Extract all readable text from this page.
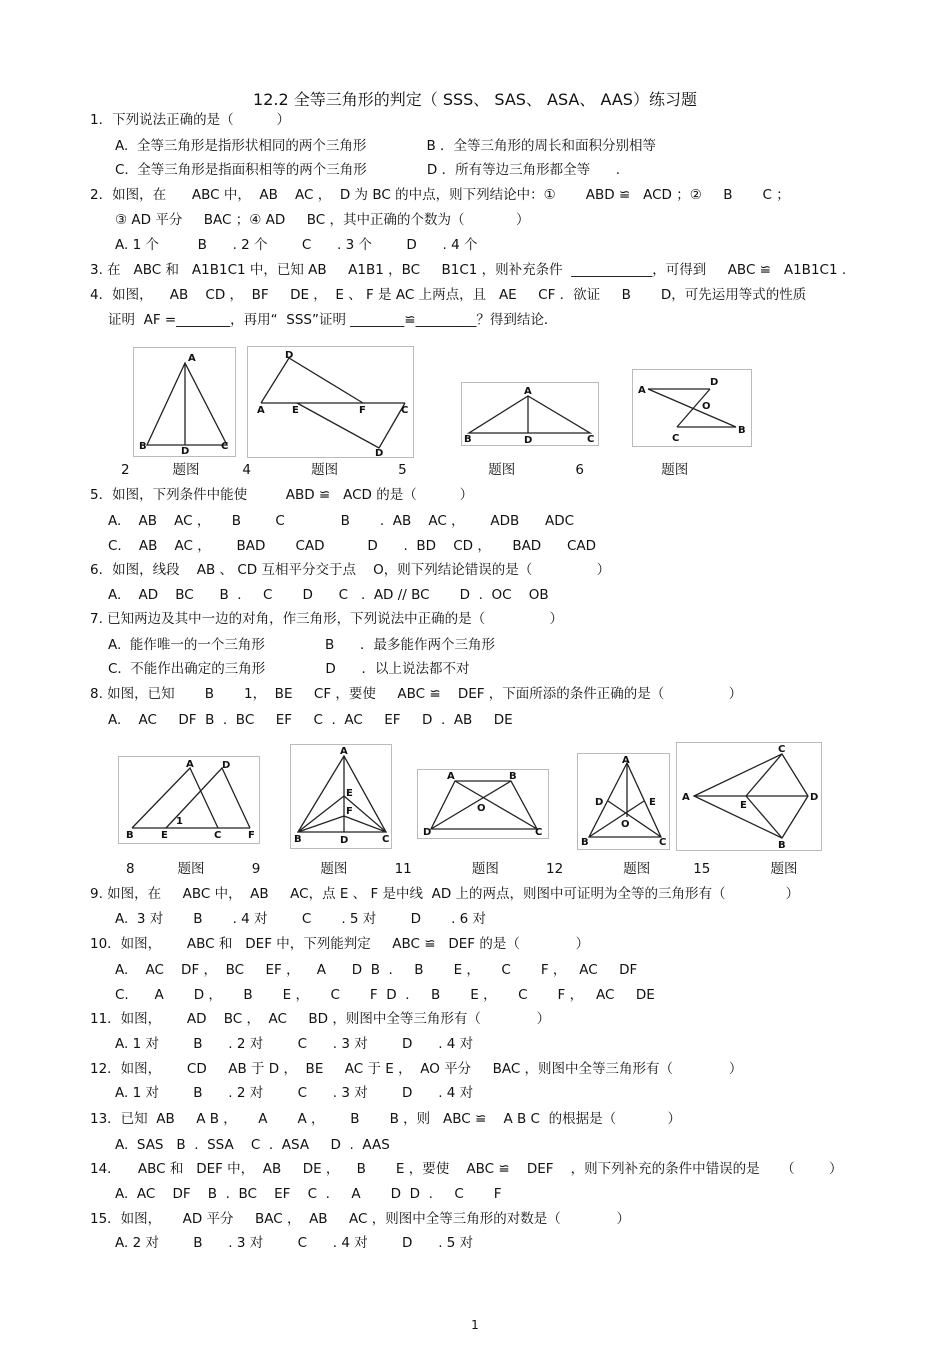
12.2 全等三角形的判定（ SSS、 SAS、 ASA、 AAS）练习题
1．下列说法正确的是（          ）
A.  全等三角形是指形状相同的两个三角形              B ．全等三角形的周长和面积分别相等
C.  全等三角形是指面积相等的两个三角形              D ．所有等边三角形都全等      .
2．如图，在      ABC 中，  AB    AC ，  D 为 BC 的中点，则下列结论中：①       ABD ≌   ACD ；②     B       C ；
③ AD 平分     BAC ；④ AD     BC ，其中正确的个数为（            ）
A. 1 个         B      . 2 个        C      . 3 个        D      . 4 个
3. 在   ABC 和   A1B1C1 中，已知 AB     A1B1 ，BC     B1C1 ，则补充条件  ____________，可得到     ABC ≌   A1B1C1 .
4．如图，    AB    CD ，  BF     DE ，  E 、 F 是 AC 上两点，且   AE     CF ．欲证     B       D，可先运用等式的性质
证明  AF =________，再用“  SSS”证明 ________≌_________？得到结论．
A
B	D	C
D
A	E	F	C
D
A
B	D	C
A
D
O
C
B
2          题图          4              题图              5                   题图              6                  题图
5．如图，下列条件中能使         ABD ≌   ACD 的是（          ）
A.    AB    AC ，     B        C             B       .  AB    AC ，      ADB      ADC
C.    AB    AC ，      BAD       CAD          D      .  BD    CD ，     BAD      CAD
6．如图，线段    AB 、 CD 互相平分交于点    O，则下列结论错误的是（               ）
A.    AD    BC      B  .     C       D      C   .  AD // BC       D  .  OC    OB
7. 已知两边及其中一边的对角，作三角形，下列说法中正确的是（               ）
A.  能作唯一的一个三角形              B      ．最多能作两个三角形
C.  不能作出确定的三角形              D      ．以上说法都不对
8. 如图，已知       B       1，  BE     CF ，要使     ABC ≌    DEF ，下面所添的条件正确的是（               ）
A.    AC     DF  B  .  BC     EF     C  .  AC     EF     D  .  AB     DE
A	D
B	E
1
C	F
A
E
F
B	D	C
A	B
O
D	C
A
D	E
O
B	C
C
A
E
D
B
8          题图           9              题图           11              题图           12              题图          15              题图
9. 如图，在     ABC 中，  AB     AC，点 E 、 F 是中线  AD 上的两点，则图中可证明为全等的三角形有（              ）
A.  3 对       B       . 4 对        C       . 5 对        D       . 6 对
10．如图，      ABC 和   DEF 中，下列能判定     ABC ≌   DEF 的是（             ）
A.    AC    DF ，  BC     EF ，    A      D  B  .     B       E ，     C       F ，   AC     DF
C.      A       D ，     B       E ，     C       F  D  .     B       E ，     C       F ，   AC     DE
11．如图，      AD    BC ，  AC     BD ，则图中全等三角形有（             ）
A. 1 对        B      . 2 对        C      . 3 对        D      . 4 对
12．如图，      CD     AB 于 D ，  BE     AC 于 E ，  AO 平分     BAC ，则图中全等三角形有（             ）
A. 1 对        B      . 2 对        C      . 3 对        D      . 4 对
13．已知  AB     A B ，     A       A ，      B       B ，则   ABC ≌    A B C  的根据是（            ）
A.  SAS   B  .  SSA    C  .  ASA     D  .  AAS
14．    ABC 和   DEF 中，  AB     DE ，    B       E ，要使    ABC ≌    DEF    ，则下列补充的条件中错误的是     （        ）
A.  AC    DF    B  .  BC    EF    C  .     A       D  D  .     C       F
15．如图，     AD 平分     BAC ，  AB     AC ，则图中全等三角形的对数是（             ）
A. 2 对        B      . 3 对        C      . 4 对        D      . 5 对
1
